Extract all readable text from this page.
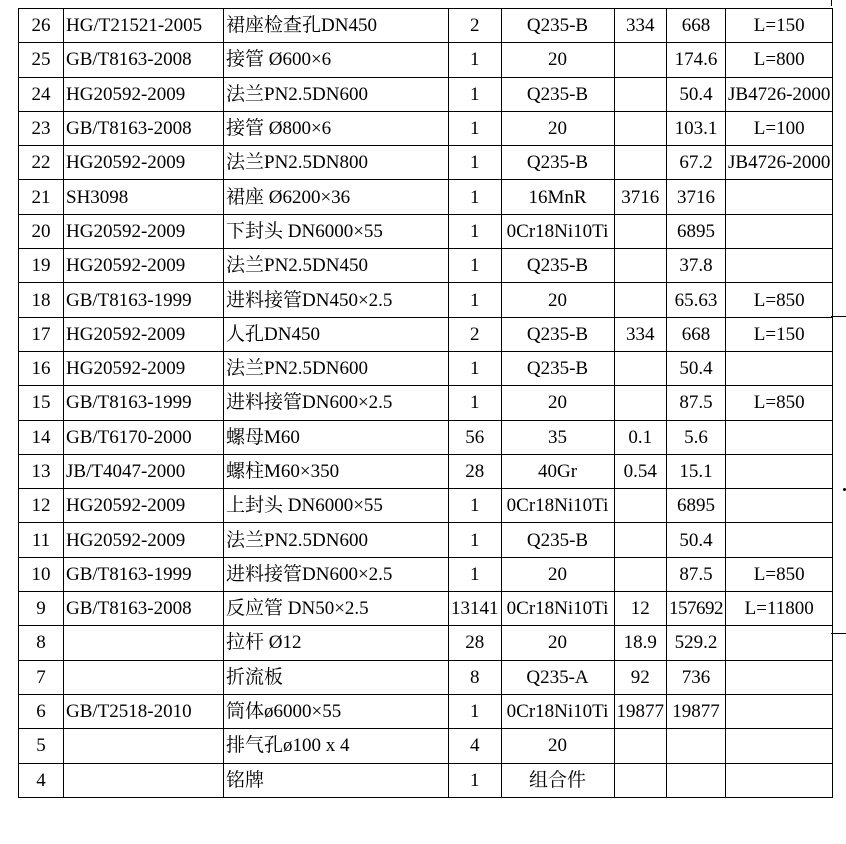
26	HG/T21521-2005	裙座检查孔DN450	2	Q235-B	334	668	L=150
25	GB/T8163-2008	接管 Ø600×6	1	20		174.6	L=800
24	HG20592-2009	法兰PN2.5DN600	1	Q235-B		50.4	JB4726-2000
23	GB/T8163-2008	接管 Ø800×6	1	20		103.1	L=100
22	HG20592-2009	法兰PN2.5DN800	1	Q235-B		67.2	JB4726-2000
21	SH3098	裙座 Ø6200×36	1	16MnR	3716	3716	
20	HG20592-2009	下封头 DN6000×55	1	0Cr18Ni10Ti		6895	
19	HG20592-2009	法兰PN2.5DN450	1	Q235-B		37.8	
18	GB/T8163-1999	进料接管DN450×2.5	1	20		65.63	L=850
17	HG20592-2009	人孔DN450	2	Q235-B	334	668	L=150
16	HG20592-2009	法兰PN2.5DN600	1	Q235-B		50.4	
15	GB/T8163-1999	进料接管DN600×2.5	1	20		87.5	L=850
14	GB/T6170-2000	螺母M60	56	35	0.1	5.6	
13	JB/T4047-2000	螺柱M60×350	28	40Gr	0.54	15.1	
12	HG20592-2009	上封头 DN6000×55	1	0Cr18Ni10Ti		6895	
11	HG20592-2009	法兰PN2.5DN600	1	Q235-B		50.4	
10	GB/T8163-1999	进料接管DN600×2.5	1	20		87.5	L=850
9	GB/T8163-2008	反应管 DN50×2.5	13141	0Cr18Ni10Ti	12	157692	L=11800
8		拉杆 Ø12	28	20	18.9	529.2	
7		折流板	8	Q235-A	92	736	
6	GB/T2518-2010	筒体ø6000×55	1	0Cr18Ni10Ti	19877	19877	
5		排气孔ø100 x 4	4	20			
4		铭牌	1	组合件			
